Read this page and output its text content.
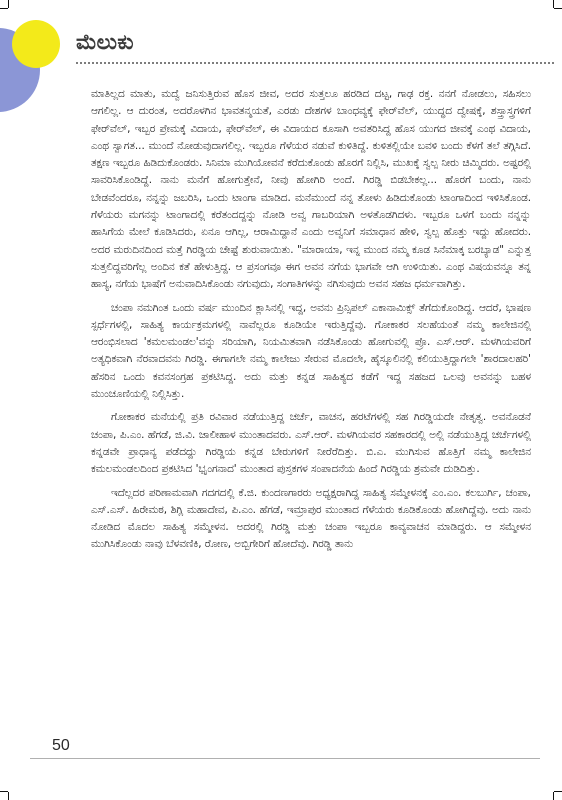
ಮೆಲುಕು

ಮಾತಿಲ್ಲದ ಮಾತು, ಮದ್ವೆ ಜನಿಸುತ್ತಿರುವ ಹೊಸ ಜೀವ, ಅದರ ಸುತ್ತಲೂ ಹರಡಿದ ದಟ್ಟ, ಗಾಢ ರಕ್ತ. ನನಗೆ ನೋಡಲು, ಸಹಿಸಲು ಆಗಲಿಲ್ಲ. ಆ ದುರಂತ, ಅದರೊಳಗಿನ ಭಾವತನ್ಮಯತೆ, ಎರಡು ದೇಶಗಳ ಬಾಂಧವ್ಯಕ್ಕೆ ಫೇರ್‌ವೆಲ್, ಯುದ್ಧದ ದ್ವೇಷಕ್ಕೆ, ಶಸ್ತ್ರಾಸ್ತ್ರಗಳಿಗೆ ಫೇರ್‌ವೆಲ್, ಇಬ್ಬರ ಪ್ರೇಮಕ್ಕೆ ವಿದಾಯ, ಫೇರ್‌ವೆಲ್, ಈ ವಿದಾಯದ ಕೂಸಾಗಿ ಅವತರಿಸಿದ್ದ ಹೊಸ ಯುಗದ ಜೀವಕ್ಕೆ ಎಂಥ ವಿದಾಯ, ಎಂಥ ಸ್ವಾಗತ... ಮುಂದೆ ನೋಡುವುದಾಗಲಿಲ್ಲ. ಇಬ್ಬರೂ ಗೆಳೆಯರ ನಡುವೆ ಕುಳಿತಿದ್ದೆ. ಕುಳಿತಲ್ಲಿಯೇ ಬವಳಿ ಬಂದು ಕೆಳಗೆ ತಲೆ ತಗ್ಗಿಸಿದೆ. ತಕ್ಷಣ ಇಬ್ಬರೂ ಹಿಡಿದುಕೊಂಡರು. ಸಿನಿಮಾ ಮುಗಿಯೋವನೆ ಕರೆದುಕೊಂಡು ಹೊರಗೆ ನಿಲ್ಲಿಸಿ, ಮುಖಕ್ಕೆ ಸ್ವಲ್ಪ ನೀರು ಚಿಮ್ಮಿದರು. ಅಷ್ಟರಲ್ಲಿ ಸಾವರಿಸಿಕೊಂಡಿದ್ದೆ. ನಾನು ಮನೆಗೆ ಹೋಗುತ್ತೇನೆ, ನೀವು ಹೋಗಿರಿ ಅಂದೆ. ಗಿರಡ್ಡಿ ಬಿಡಬೇಕಲ್ಲ... ಹೊರಗೆ ಬಂದು, ನಾನು ಬೇಡವೆಂದರೂ, ನನ್ನನ್ನು ಜಬರಿಸಿ, ಒಂದು ಟಾಂಗಾ ಮಾಡಿದ. ಮನೆಮುಂದೆ ನನ್ನ ತೋಳು ಹಿಡಿದುಕೊಂಡು ಟಾಂಗಾದಿಂದ ಇಳಿಸಿಕೊಂಡ. ಗೆಳೆಯರು ಮಗನನ್ನು ಟಾಂಗಾದಲ್ಲಿ ಕರೆತಂದದ್ದನ್ನು ನೋಡಿ ಅವ್ವ ಗಾಬರಿಯಾಗಿ ಅಳತೊಡಗಿದಳು. ಇಬ್ಬರೂ ಒಳಗೆ ಬಂದು ನನ್ನನ್ನು ಹಾಸಿಗೆಯ ಮೇಲೆ ಕೂಡಿಸಿದರು, ಏನೂ ಆಗಿಲ್ಲ, ಆರಾಮಿದ್ದಾನೆ ಎಂದು ಅವ್ವನಿಗೆ ಸಮಾಧಾನ ಹೇಳಿ, ಸ್ವಲ್ಪ ಹೊತ್ತು ಇದ್ದು ಹೋದರು. ಅದರ ಮರುದಿನದಿಂದ ಮತ್ತೆ ಗಿರಡ್ಡಿಯ ಚೇಷ್ಟೆ ಶುರುವಾಯಿತು. "ಮಾರಾಯಾ, ಇನ್ನ ಮುಂದ ನಮ್ಮ ಕೂಡ ಸಿನೆಮಾಕ್ಕ ಬರಬ್ಯಾಡ" ಎನ್ನುತ್ತ ಸುತ್ತಲಿದ್ದವರಿಗೆಲ್ಲ ಅಂದಿನ ಕತೆ ಹೇಳುತ್ತಿದ್ದ. ಆ ಪ್ರಸಂಗವೂ ಈಗ ಅವನ ನಗೆಯ ಭಾಗವೇ ಆಗಿ ಉಳಿಯಿತು. ಎಂಥ ವಿಷಯವನ್ನೂ ತನ್ನ ಹಾಸ್ಯ, ನಗೆಯ ಭಾಷೆಗೆ ಅನುವಾದಿಸಿಕೊಂಡು ನಗುವುದು, ಸಂಗಾತಿಗಳನ್ನು ನಗಿಸುವುದು ಅವನ ಸಹಜ ಧರ್ಮವಾಗಿತ್ತು.

ಚಂಪಾ ನಮಗಿಂತ ಒಂದು ವರ್ಷ ಮುಂದಿನ ಕ್ಲಾಸಿನಲ್ಲಿ ಇದ್ದ, ಅವನು ಪ್ರಿನ್ಸಿಪಲ್ ಎಕಾನಾಮಿಕ್ಸ್ ತೆಗೆದುಕೊಂಡಿದ್ದ. ಆದರೆ, ಭಾಷಣ ಸ್ಪರ್ಧೆಗಳಲ್ಲಿ, ಸಾಹಿತ್ಯ ಕಾರ್ಯಕ್ರಮಗಳಲ್ಲಿ ನಾವೆಲ್ಲರೂ ಕೂಡಿಯೇ ಇರುತ್ತಿದ್ದೆವು. ಗೋಕಾಕರ ಸಲಹೆಯಂತೆ ನಮ್ಮ ಕಾಲೇಜಿನಲ್ಲಿ ಆರಂಭಿಸಲಾದ 'ಕಮಲಮಂಡಲ'ವನ್ನು ಸರಿಯಾಗಿ, ನಿಯಮಿತವಾಗಿ ನಡೆಸಿಕೊಂಡು ಹೋಗುವಲ್ಲಿ ಪ್ರೊ. ಎಸ್.ಆರ್. ಮಳಗಿಯವರಿಗೆ ಅತ್ಯಧಿಕವಾಗಿ ನೆರವಾದವನು ಗಿರಡ್ಡಿ. ಈಗಾಗಲೇ ನಮ್ಮ ಕಾಲೇಜು ಸೇರುವ ಮೊದಲೇ, ಹೈಸ್ಕೂಲಿನಲ್ಲಿ ಕಲಿಯುತ್ತಿದ್ದಾಗಲೇ 'ಶಾರದಾಲಹರಿ' ಹೆಸರಿನ ಒಂದು ಕವನಸಂಗ್ರಹ ಪ್ರಕಟಿಸಿದ್ದ. ಅದು ಮತ್ತು ಕನ್ನಡ ಸಾಹಿತ್ಯದ ಕಡೆಗೆ ಇದ್ದ ಸಹಜದ ಒಲವು ಅವನನ್ನು ಬಹಳ ಮುಂಚೂಣಿಯಲ್ಲಿ ನಿಲ್ಲಿಸಿತ್ತು.

ಗೋಕಾಕರ ಮನೆಯಲ್ಲಿ ಪ್ರತಿ ರವಿವಾರ ನಡೆಯುತ್ತಿದ್ದ ಚರ್ಚೆ, ವಾಚನ, ಹರಟೆಗಳಲ್ಲಿ ಸಹ ಗಿರಡ್ಡಿಯದೇ ನೇತೃತ್ವ. ಅವನೊಡನೆ ಚಂಪಾ, ಪಿ.ಎಂ. ಹೆಗಡೆ, ಜಿ.ವಿ. ಜಾಲೀಹಾಳ ಮುಂತಾದವರು. ಎಸ್.ಆರ್. ಮಳಗಿಯವರ ಸಹಕಾರದಲ್ಲಿ ಅಲ್ಲಿ ನಡೆಯುತ್ತಿದ್ದ ಚರ್ಚೆಗಳಲ್ಲಿ ಕನ್ನಡವೇ ಪ್ರಾಧಾನ್ಯ ಪಡೆದದ್ದು ಗಿರಡ್ಡಿಯ ಕನ್ನಡ ಬೇರುಗಳಿಗೆ ನೀರೆರೆದಿತ್ತು. ಬಿ.ಎ. ಮುಗಿಸುವ ಹೊತ್ತಿಗೆ ನಮ್ಮ ಕಾಲೇಜಿನ ಕಮಲಮಂಡಲದಿಂದ ಪ್ರಕಟಿಸಿದ 'ಭೃಂಗನಾದ' ಮುಂತಾದ ಪುಸ್ತಕಗಳ ಸಂಪಾದನೆಯ ಹಿಂದೆ ಗಿರಡ್ಡಿಯ ಶ್ರಮವೇ ದುಡಿದಿತ್ತು.

ಇದೆಲ್ಲದರ ಪರಿಣಾಮವಾಗಿ ಗದಗದಲ್ಲಿ ಕೆ.ಜಿ. ಕುಂದಣಗಾರರು ಅಧ್ಯಕ್ಷರಾಗಿದ್ದ ಸಾಹಿತ್ಯ ಸಮ್ಮೇಳನಕ್ಕೆ ಎಂ.ಎಂ. ಕಲಬುರ್ಗಿ, ಚಂಪಾ, ಎಸ್.ಎಸ್. ಹಿರೇಮಠ, ಶಿಗ್ಲಿ ಮಹಾದೇವ, ಪಿ.ಎಂ. ಹೆಗಡೆ, ಇಮ್ರಾಪುರ ಮುಂತಾದ ಗೆಳೆಯರು ಕೂಡಿಕೊಂಡು ಹೋಗಿದ್ದೆವು. ಅದು ನಾನು ನೋಡಿದ ಮೊದಲ ಸಾಹಿತ್ಯ ಸಮ್ಮೇಳನ. ಅದರಲ್ಲಿ ಗಿರಡ್ಡಿ ಮತ್ತು ಚಂಪಾ ಇಬ್ಬರೂ ಕಾವ್ಯವಾಚನ ಮಾಡಿದ್ದರು. ಆ ಸಮ್ಮೇಳನ ಮುಗಿಸಿಕೊಂಡು ನಾವು ಬೆಳವಣಿಕಿ, ರೋಣ, ಅಬ್ಬಿಗೇರಿಗೆ ಹೋದೆವು. ಗಿರಡ್ಡಿ ತಾನು

50
